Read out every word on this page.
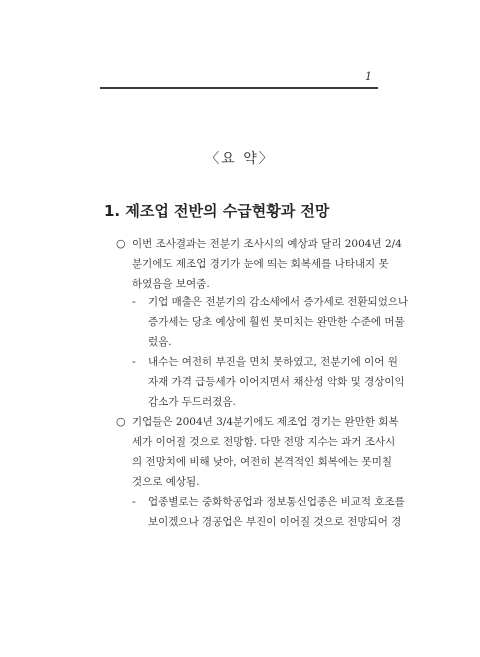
1
〈요 약〉
1. 제조업 전반의 수급현황과 전망
○ 이번 조사결과는 전분기 조사시의 예상과 달리 2004년 2/4
분기에도 제조업 경기가 눈에 띄는 회복세를 나타내지 못
하였음을 보여줌.
-	기업 매출은 전분기의 감소세에서 증가세로 전환되었으나
증가세는 당초 예상에 훨씬 못미치는 완만한 수준에 머물
렀음.
-	내수는 여전히 부진을 면치 못하였고, 전분기에 이어 원
자재 가격 급등세가 이어지면서 채산성 악화 및 경상이익
감소가 두드러졌음.
○ 기업들은 2004년 3/4분기에도 제조업 경기는 완만한 회복
세가 이어질 것으로 전망함. 다만 전망 지수는 과거 조사시
의 전망치에 비해 낮아, 여전히 본격적인 회복에는 못미칠
것으로 예상됨.
-	업종별로는 중화학공업과 정보통신업종은 비교적 호조를
보이겠으나 경공업은 부진이 이어질 것으로 전망되어 경
